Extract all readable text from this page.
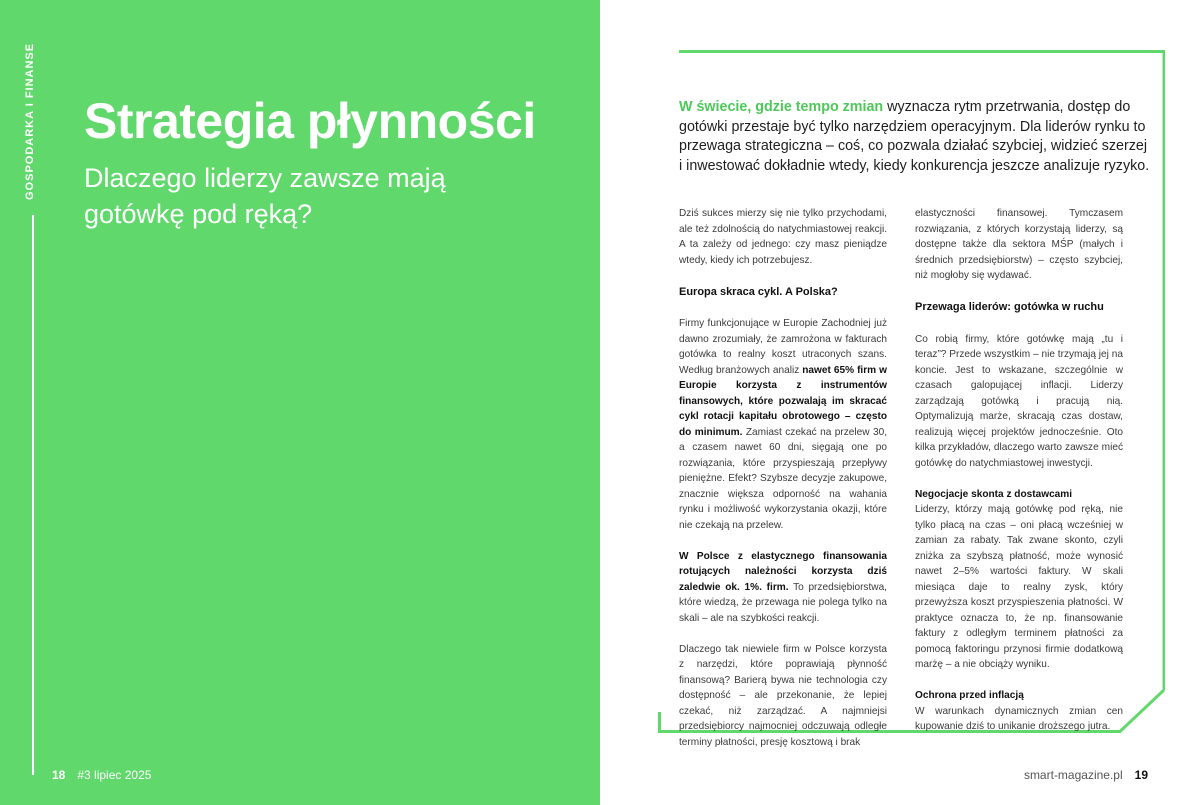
GOSPODARKA I FINANSE Strategia płynności
Dlaczego liderzy zawsze mają gotówkę pod ręką?
18 #3 lipiec 2025

W świecie, gdzie tempo zmian wyznacza rytm przetrwania, dostęp do gotówki przestaje być tylko narzędziem operacyjnym. Dla liderów rynku to przewaga strategiczna – coś, co pozwala działać szybciej, widzieć szerzej i inwestować dokładnie wtedy, kiedy konkurencja jeszcze analizuje ryzyko.

Dziś sukces mierzy się nie tylko przychodami, ale też zdolnością do natychmiastowej reakcji. A ta zależy od jednego: czy masz pieniądze wtedy, kiedy ich potrzebujesz.

Europa skraca cykl. A Polska?

Firmy funkcjonujące w Europie Zachodniej już dawno zrozumiały, że zamrożona w fakturach gotówka to realny koszt utraconych szans. Według branżowych analiz nawet 65% firm w Europie korzysta z instrumentów finansowych, które pozwalają im skracać cykl rotacji kapitału obrotowego – często do minimum. Zamiast czekać na przelew 30, a czasem nawet 60 dni, sięgają one po rozwiązania, które przyspieszają przepływy pieniężne. Efekt? Szybsze decyzje zakupowe, znacznie większa odporność na wahania rynku i możliwość wykorzystania okazji, które nie czekają na przelew.

W Polsce z elastycznego finansowania rotujących należności korzysta dziś zaledwie ok. 1%. firm. To przedsiębiorstwa, które wiedzą, że przewaga nie polega tylko na skali – ale na szybkości reakcji.

Dlaczego tak niewiele firm w Polsce korzysta z narzędzi, które poprawiają płynność finansową? Barierą bywa nie technologia czy dostępność – ale przekonanie, że lepiej czekać, niż zarządzać. A najmniejsi przedsiębiorcy najmocniej odczuwają odległe terminy płatności, presję kosztową i brak

elastyczności finansowej. Tymczasem rozwiązania, z których korzystają liderzy, są dostępne także dla sektora MŚP (małych i średnich przedsiębiorstw) – często szybciej, niż mogłoby się wydawać.

Przewaga liderów: gotówka w ruchu

Co robią firmy, które gotówkę mają „tu i teraz”? Przede wszystkim – nie trzymają jej na koncie. Jest to wskazane, szczególnie w czasach galopującej inflacji. Liderzy zarządzają gotówką i pracują nią. Optymalizują marże, skracają czas dostaw, realizują więcej projektów jednocześnie. Oto kilka przykładów, dlaczego warto zawsze mieć gotówkę do natychmiastowej inwestycji.

Negocjacje skonta z dostawcami

Liderzy, którzy mają gotówkę pod ręką, nie tylko płacą na czas – oni płacą wcześniej w zamian za rabaty. Tak zwane skonto, czyli zniżka za szybszą płatność, może wynosić nawet 2–5% wartości faktury. W skali miesiąca daje to realny zysk, który przewyższa koszt przyspieszenia płatności. W praktyce oznacza to, że np. finansowanie faktury z odległym terminem płatności za pomocą faktoringu przynosi firmie dodatkową marżę – a nie obciąży wyniku.

Ochrona przed inflacją

W warunkach dynamicznych zmian cen kupowanie dziś to unikanie droższego jutra.

smart-magazine.pl 19
